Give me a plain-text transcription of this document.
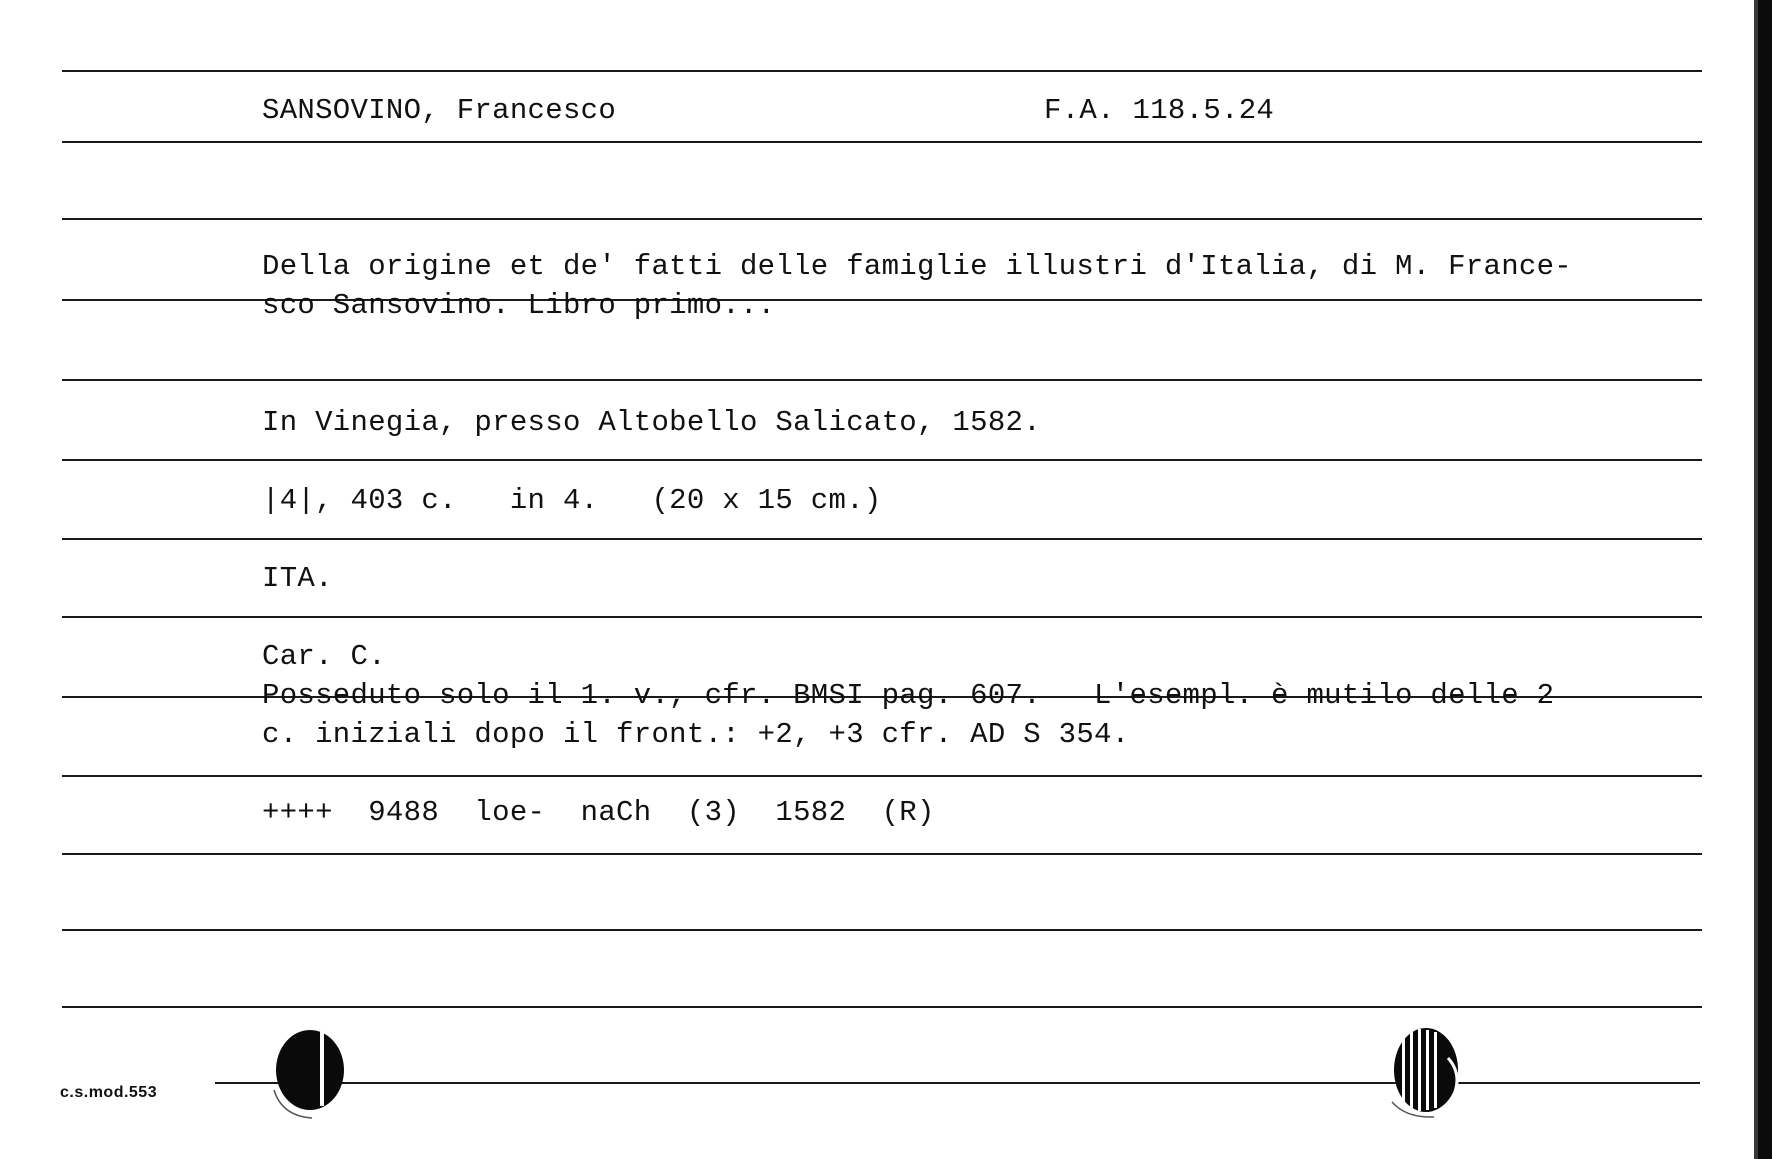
SANSOVINO, Francesco	F.A. 118.5.24
Della origine et de' fatti delle famiglie illustri d'Italia, di M. France-
sco Sansovino. Libro primo...
In Vinegia, presso Altobello Salicato, 1582.
|4|, 403 c.   in 4.   (20 x 15 cm.)
ITA.
Car. C.
Posseduto solo il 1. v., cfr. BMSI pag. 607.   L'esempl. è mutilo delle 2
c. iniziali dopo il front.: +2, +3 cfr. AD S 354.
++++  9488  loe-  naCh  (3)  1582  (R)
c.s.mod.553
